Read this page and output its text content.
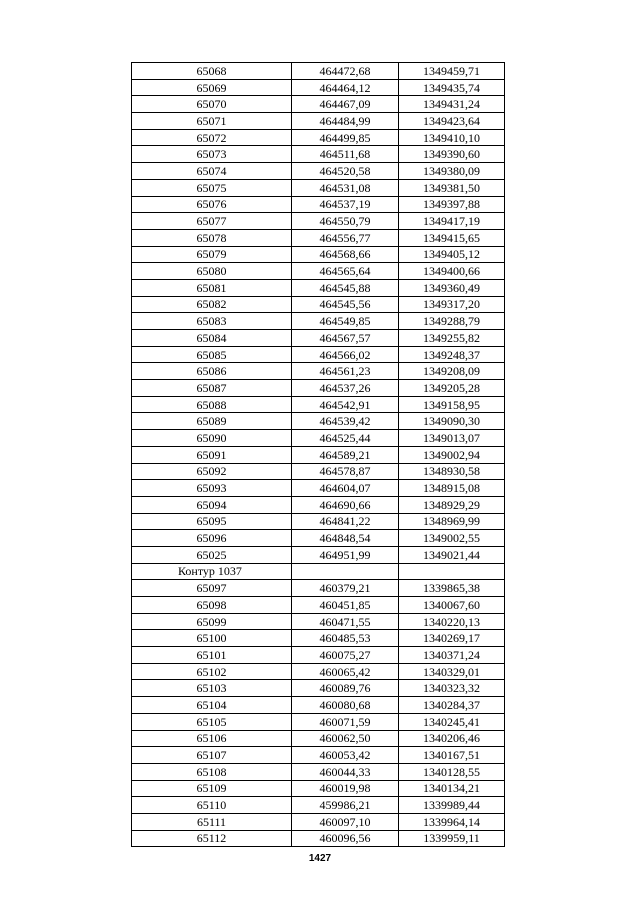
65068	464472,68	1349459,71
65069	464464,12	1349435,74
65070	464467,09	1349431,24
65071	464484,99	1349423,64
65072	464499,85	1349410,10
65073	464511,68	1349390,60
65074	464520,58	1349380,09
65075	464531,08	1349381,50
65076	464537,19	1349397,88
65077	464550,79	1349417,19
65078	464556,77	1349415,65
65079	464568,66	1349405,12
65080	464565,64	1349400,66
65081	464545,88	1349360,49
65082	464545,56	1349317,20
65083	464549,85	1349288,79
65084	464567,57	1349255,82
65085	464566,02	1349248,37
65086	464561,23	1349208,09
65087	464537,26	1349205,28
65088	464542,91	1349158,95
65089	464539,42	1349090,30
65090	464525,44	1349013,07
65091	464589,21	1349002,94
65092	464578,87	1348930,58
65093	464604,07	1348915,08
65094	464690,66	1348929,29
65095	464841,22	1348969,99
65096	464848,54	1349002,55
65025	464951,99	1349021,44
Контур 1037		
65097	460379,21	1339865,38
65098	460451,85	1340067,60
65099	460471,55	1340220,13
65100	460485,53	1340269,17
65101	460075,27	1340371,24
65102	460065,42	1340329,01
65103	460089,76	1340323,32
65104	460080,68	1340284,37
65105	460071,59	1340245,41
65106	460062,50	1340206,46
65107	460053,42	1340167,51
65108	460044,33	1340128,55
65109	460019,98	1340134,21
65110	459986,21	1339989,44
65111	460097,10	1339964,14
65112	460096,56	1339959,11
1427
